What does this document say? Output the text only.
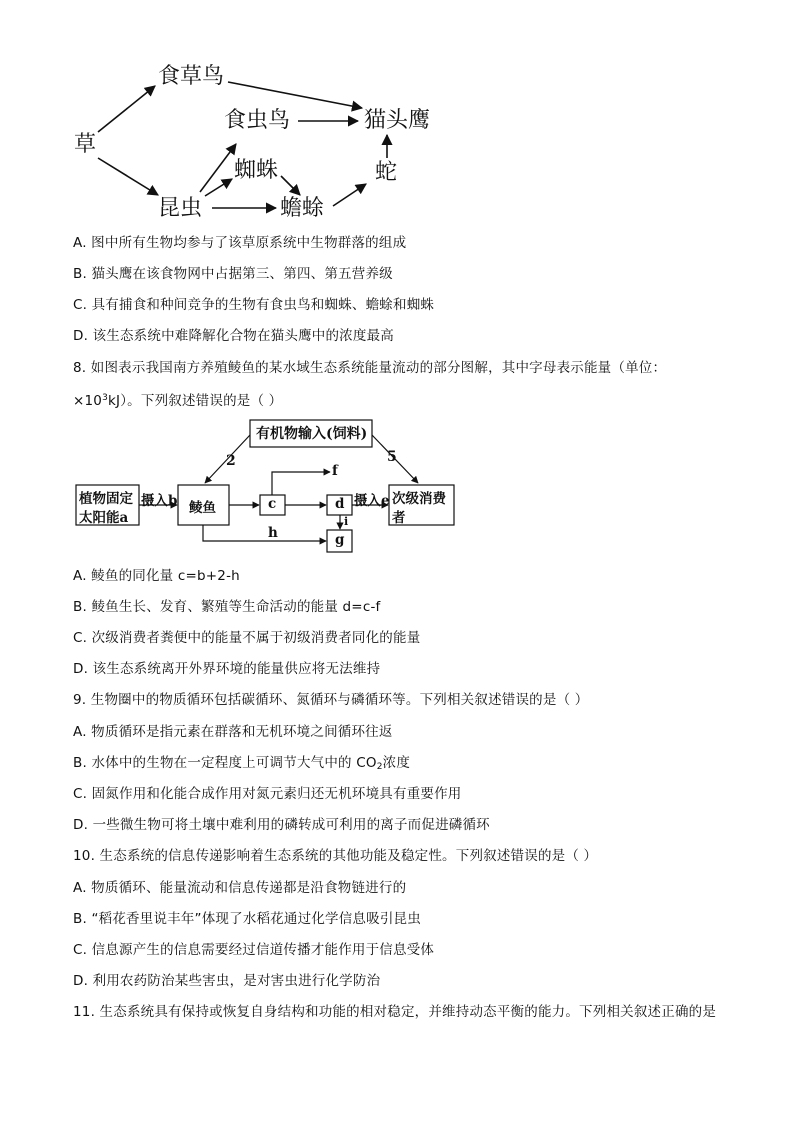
草
食草鸟
食虫鸟	猫头鹰
蜘蛛	蛇
昆虫	蟾蜍
A. 图中所有生物均参与了该草原系统中生物群落的组成
B. 猫头鹰在该食物网中占据第三、第四、第五营养级
C. 具有捕食和种间竞争的生物有食虫鸟和蜘蛛、蟾蜍和蜘蛛
D. 该生态系统中难降解化合物在猫头鹰中的浓度最高
8. 如图表示我国南方养殖鲮鱼的某水域生态系统能量流动的部分图解，其中字母表示能量（单位：
$\times 10^3kJ$）。下列叙述错误的是（ ）
有机物输入(饲料)
2	5
植物固定
太阳能a
摄入b 鲮鱼	c
f
d
i
g
h
摄入e 次级消费
者
A. 鲮鱼的同化量 c=b+2-h
B. 鲮鱼生长、发育、繁殖等生命活动的能量 d=c-f
C. 次级消费者粪便中的能量不属于初级消费者同化的能量
D. 该生态系统离开外界环境的能量供应将无法维持
9. 生物圈中的物质循环包括碳循环、氮循环与磷循环等。下列相关叙述错误的是（ ）
A. 物质循环是指元素在群落和无机环境之间循环往返
B. 水体中的生物在一定程度上可调节大气中的 $CO_2$浓度
C. 固氮作用和化能合成作用对氮元素归还无机环境具有重要作用
D. 一些微生物可将土壤中难利用的磷转成可利用的离子而促进磷循环
10. 生态系统的信息传递影响着生态系统的其他功能及稳定性。下列叙述错误的是（ ）
A. 物质循环、能量流动和信息传递都是沿食物链进行的
B. “稻花香里说丰年”体现了水稻花通过化学信息吸引昆虫
C. 信息源产生的信息需要经过信道传播才能作用于信息受体
D. 利用农药防治某些害虫，是对害虫进行化学防治
11. 生态系统具有保持或恢复自身结构和功能的相对稳定，并维持动态平衡的能力。下列相关叙述正确的是
